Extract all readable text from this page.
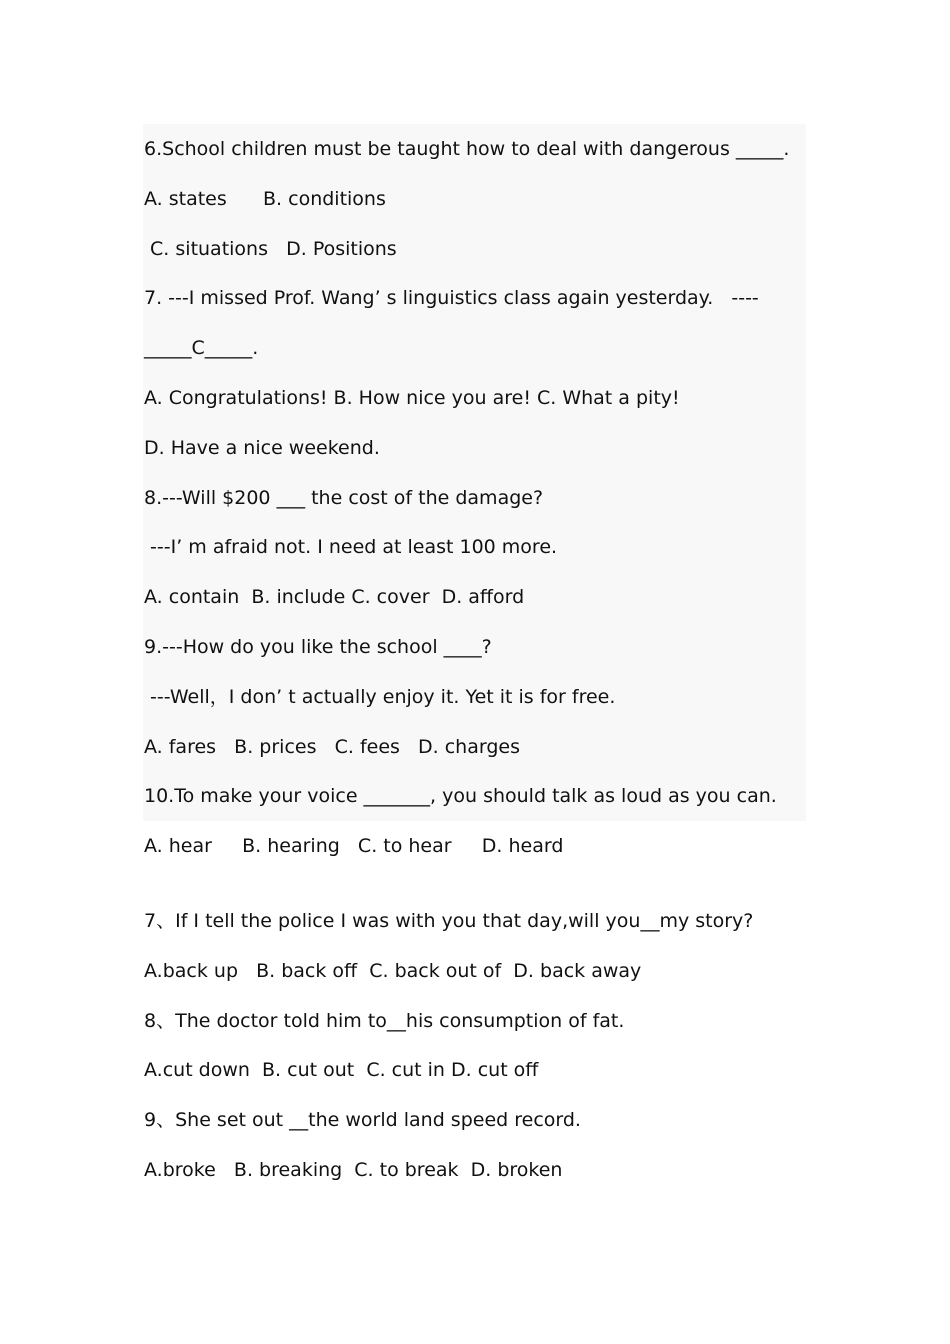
6.School children must be taught how to deal with dangerous _____.

A. states      B. conditions

C. situations   D. Positions

7. ---I missed Prof. Wang’ s linguistics class again yesterday.   ----

_____C_____.

A. Congratulations! B. How nice you are! C. What a pity!

D. Have a nice weekend.

8.---Will $200 ___ the cost of the damage?

---I’ m afraid not. I need at least 100 more.

A. contain  B. include C. cover  D. afford

9.---How do you like the school ____?

---Well，I don’ t actually enjoy it. Yet it is for free.

A. fares   B. prices   C. fees   D. charges

10.To make your voice _______, you should talk as loud as you can.

A. hear     B. hearing   C. to hear     D. heard

7、If I tell the police I was with you that day,will you__my story?

A.back up   B. back off  C. back out of  D. back away

8、The doctor told him to__his consumption of fat.

A.cut down  B. cut out  C. cut in D. cut off

9、She set out __the world land speed record.

A.broke   B. breaking  C. to break  D. broken
